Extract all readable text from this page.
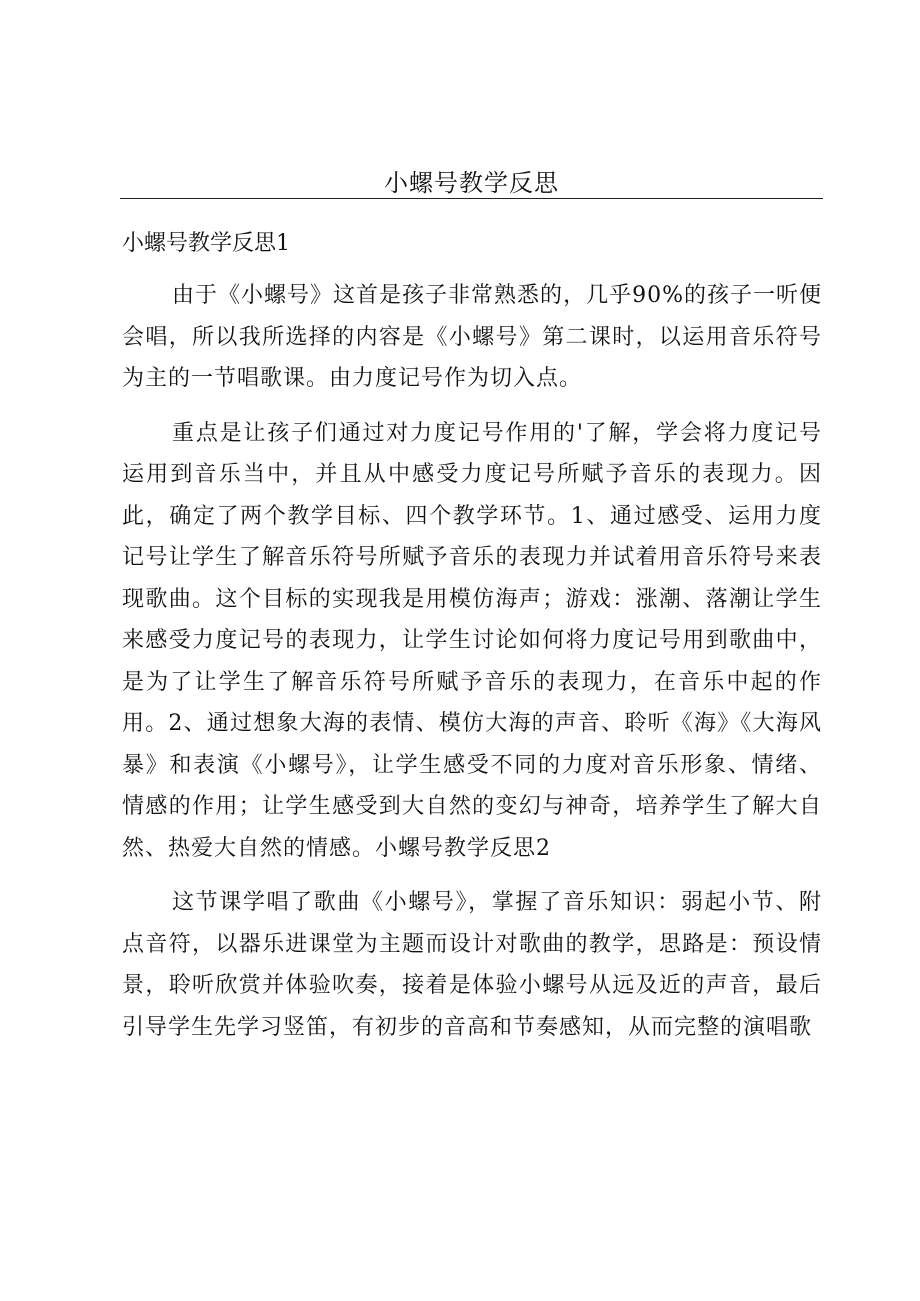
小螺号教学反思
小螺号教学反思1

由于《小螺号》这首是孩子非常熟悉的，几乎90%的孩子一听便会唱，所以我所选择的内容是《小螺号》第二课时，以运用音乐符号为主的一节唱歌课。由力度记号作为切入点。

重点是让孩子们通过对力度记号作用的'了解，学会将力度记号运用到音乐当中，并且从中感受力度记号所赋予音乐的表现力。因此，确定了两个教学目标、四个教学环节。1、通过感受、运用力度记号让学生了解音乐符号所赋予音乐的表现力并试着用音乐符号来表现歌曲。这个目标的实现我是用模仿海声；游戏：涨潮、落潮让学生来感受力度记号的表现力，让学生讨论如何将力度记号用到歌曲中，是为了让学生了解音乐符号所赋予音乐的表现力，在音乐中起的作用。2、通过想象大海的表情、模仿大海的声音、聆听《海》《大海风暴》和表演《小螺号》，让学生感受不同的力度对音乐形象、情绪、情感的作用；让学生感受到大自然的变幻与神奇，培养学生了解大自然、热爱大自然的情感。小螺号教学反思2

这节课学唱了歌曲《小螺号》，掌握了音乐知识：弱起小节、附点音符，以器乐进课堂为主题而设计对歌曲的教学，思路是：预设情景，聆听欣赏并体验吹奏，接着是体验小螺号从远及近的声音，最后引导学生先学习竖笛，有初步的音高和节奏感知，从而完整的演唱歌
